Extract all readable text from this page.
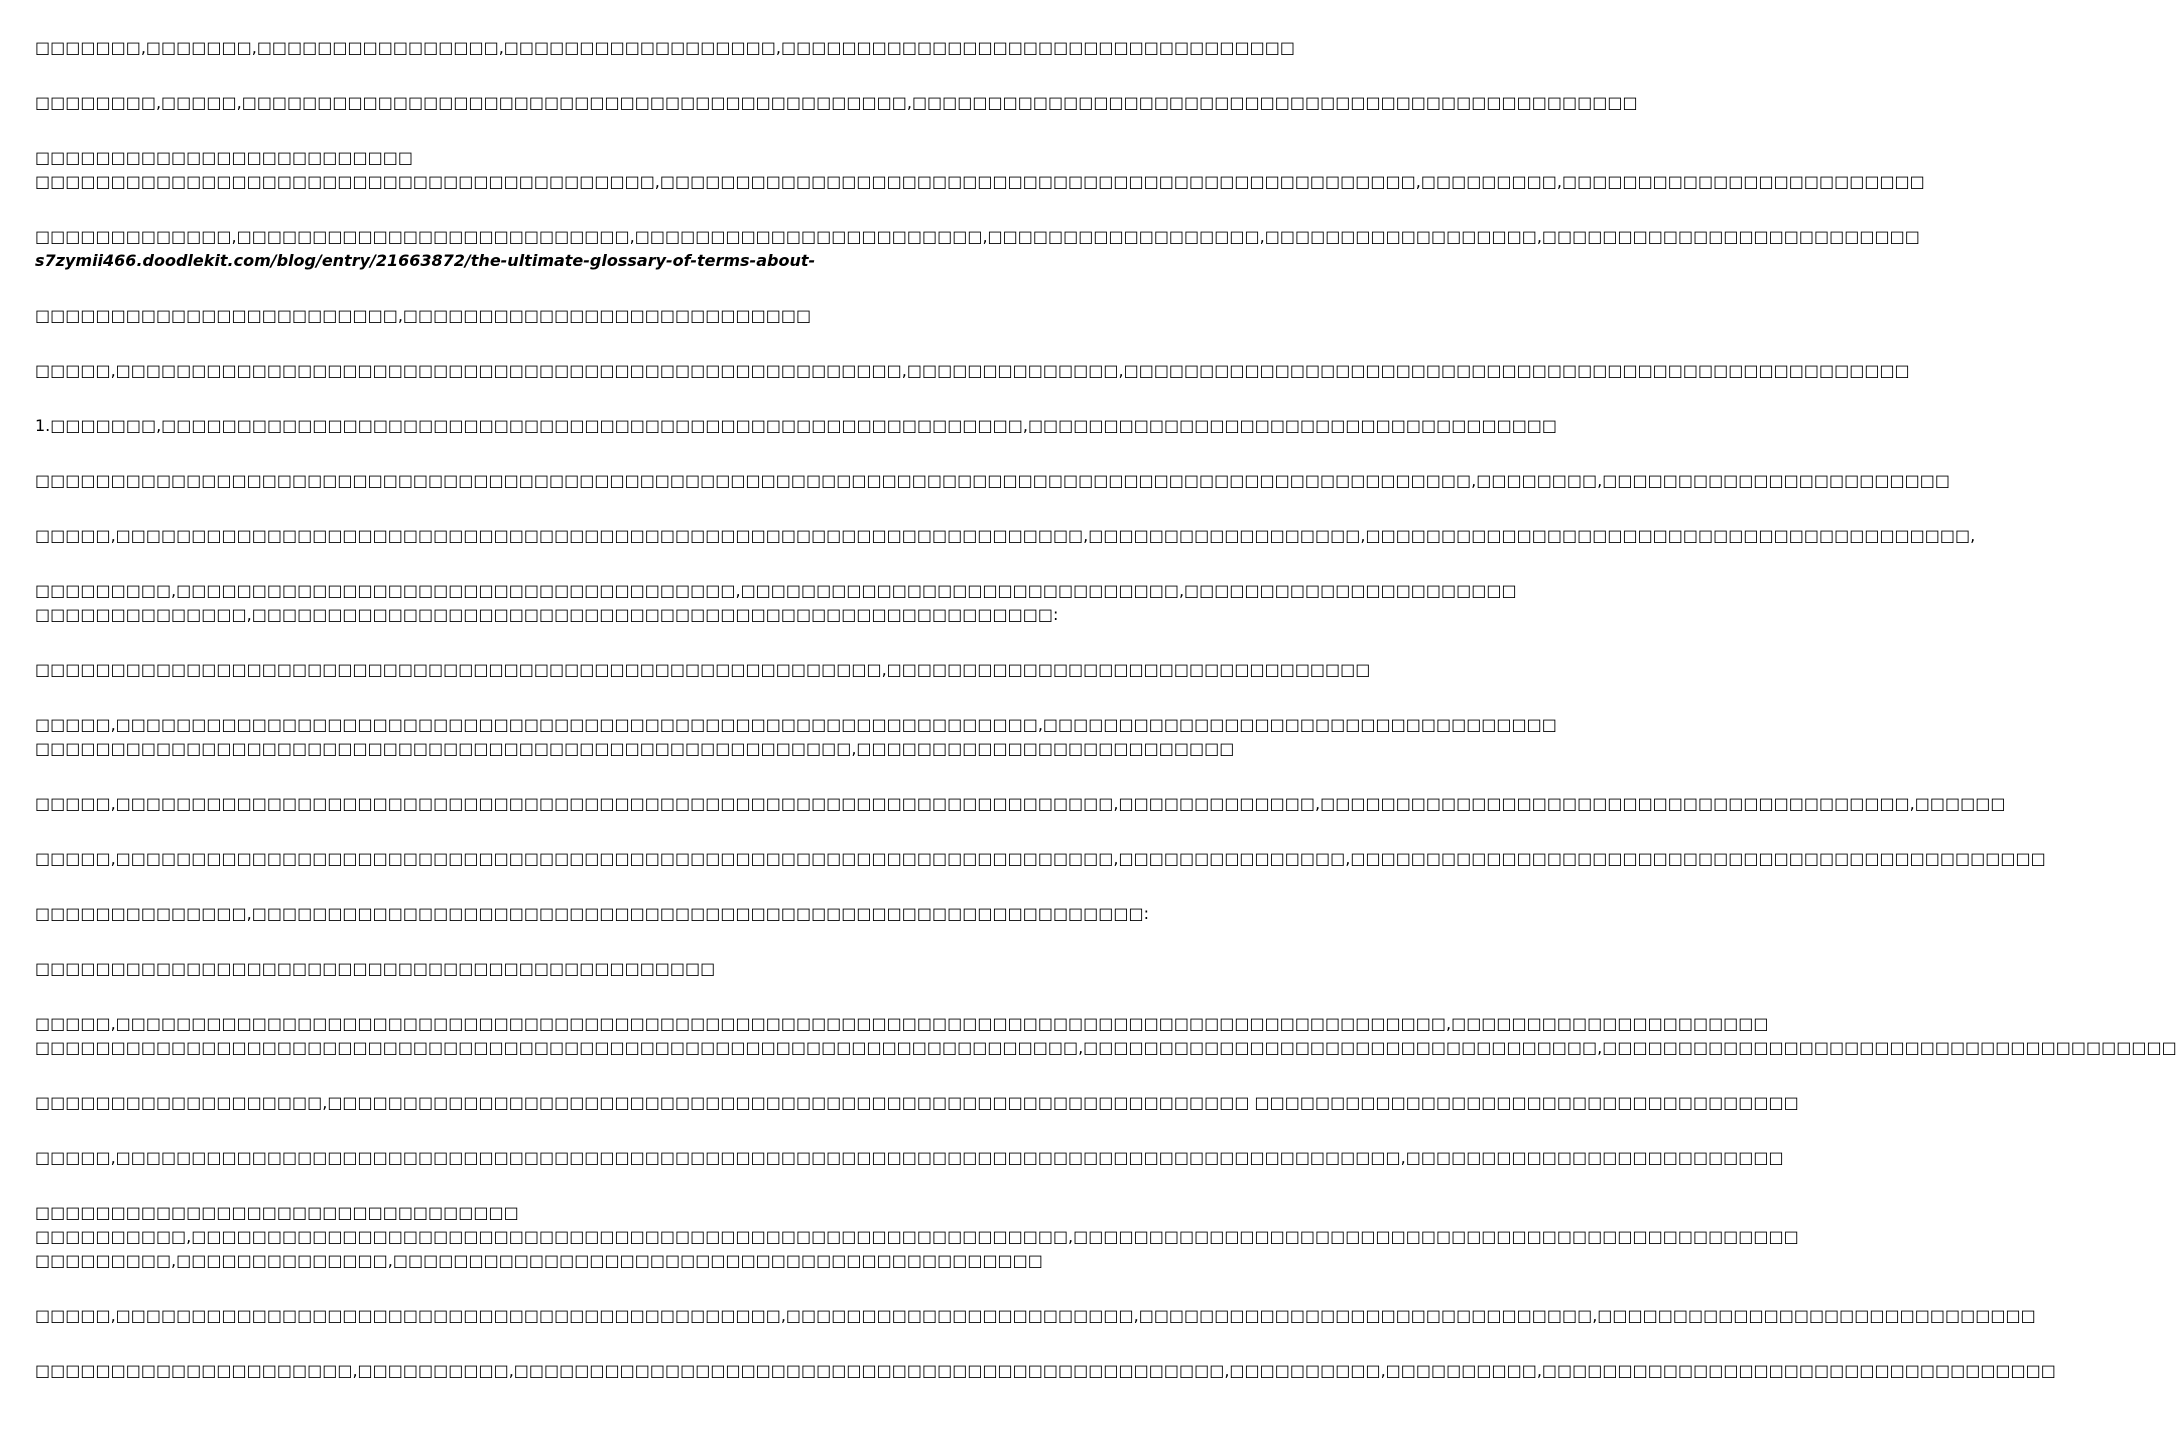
□□□□□□□,□□□□□□□,□□□□□□□□□□□□□□□□,□□□□□□□□□□□□□□□□□□,□□□□□□□□□□□□□□□□□□□□□□□□□□□□□□□□□□
□□□□□□□□,□□□□□,□□□□□□□□□□□□□□□□□□□□□□□□□□□□□□□□□□□□□□□□□□□□,□□□□□□□□□□□□□□□□□□□□□□□□□□□□□□□□□□□□□□□□□□□□□□□□
□□□□□□□□□□□□□□□□□□□□□□□□□
□□□□□□□□□□□□□□□□□□□□□□□□□□□□□□□□□□□□□□□□□,□□□□□□□□□□□□□□□□□□□□□□□□□□□□□□□□□□□□□□□□□□□□□□□□□□,□□□□□□□□□,□□□□□□□□□□□□□□□□□□□□□□□□
□□□□□□□□□□□□□,□□□□□□□□□□□□□□□□□□□□□□□□□□,□□□□□□□□□□□□□□□□□□□□□□□,□□□□□□□□□□□□□□□□□□,□□□□□□□□□□□□□□□□□□,□□□□□□□□□□□□□□□□□□□□□□□□□
s7zymii466.doodlekit.com/blog/entry/21663872/the-ultimate-glossary-of-terms-about-
□□□□□□□□□□□□□□□□□□□□□□□□,□□□□□□□□□□□□□□□□□□□□□□□□□□□
□□□□□,□□□□□□□□□□□□□□□□□□□□□□□□□□□□□□□□□□□□□□□□□□□□□□□□□□□□,□□□□□□□□□□□□□□,□□□□□□□□□□□□□□□□□□□□□□□□□□□□□□□□□□□□□□□□□□□□□□□□□□□□
1.□□□□□□□,□□□□□□□□□□□□□□□□□□□□□□□□□□□□□□□□□□□□□□□□□□□□□□□□□□□□□□□□□,□□□□□□□□□□□□□□□□□□□□□□□□□□□□□□□□□□□
□□□□□□□□□□□□□□□□□□□□□□□□□□□□□□□□□□□□□□□□□□□□□□□□□□□□□□□□□□□□□□□□□□□□□□□□□□□□□□□□□□□□□□□□□□□□□□□,□□□□□□□□,□□□□□□□□□□□□□□□□□□□□□□□
□□□□□,□□□□□□□□□□□□□□□□□□□□□□□□□□□□□□□□□□□□□□□□□□□□□□□□□□□□□□□□□□□□□□□□,□□□□□□□□□□□□□□□□□□,□□□□□□□□□□□□□□□□□□□□□□□□□□□□□□□□□□□□□□□□,
□□□□□□□□□,□□□□□□□□□□□□□□□□□□□□□□□□□□□□□□□□□□□□□,□□□□□□□□□□□□□□□□□□□□□□□□□□□□□,□□□□□□□□□□□□□□□□□□□□□□
□□□□□□□□□□□□□□,□□□□□□□□□□□□□□□□□□□□□□□□□□□□□□□□□□□□□□□□□□□□□□□□□□□□□:
□□□□□□□□□□□□□□□□□□□□□□□□□□□□□□□□□□□□□□□□□□□□□□□□□□□□□□□□,□□□□□□□□□□□□□□□□□□□□□□□□□□□□□□□□
□□□□□,□□□□□□□□□□□□□□□□□□□□□□□□□□□□□□□□□□□□□□□□□□□□□□□□□□□□□□□□□□□□□,□□□□□□□□□□□□□□□□□□□□□□□□□□□□□□□□□□
□□□□□□□□□□□□□□□□□□□□□□□□□□□□□□□□□□□□□□□□□□□□□□□□□□□□□□,□□□□□□□□□□□□□□□□□□□□□□□□□
□□□□□,□□□□□□□□□□□□□□□□□□□□□□□□□□□□□□□□□□□□□□□□□□□□□□□□□□□□□□□□□□□□□□□□□□,□□□□□□□□□□□□□,□□□□□□□□□□□□□□□□□□□□□□□□□□□□□□□□□□□□□□□,□□□□□□
□□□□□,□□□□□□□□□□□□□□□□□□□□□□□□□□□□□□□□□□□□□□□□□□□□□□□□□□□□□□□□□□□□□□□□□□,□□□□□□□□□□□□□□□,□□□□□□□□□□□□□□□□□□□□□□□□□□□□□□□□□□□□□□□□□□□□□□
□□□□□□□□□□□□□□,□□□□□□□□□□□□□□□□□□□□□□□□□□□□□□□□□□□□□□□□□□□□□□□□□□□□□□□□□□□:
□□□□□□□□□□□□□□□□□□□□□□□□□□□□□□□□□□□□□□□□□□□□□
□□□□□,□□□□□□□□□□□□□□□□□□□□□□□□□□□□□□□□□□□□□□□□□□□□□□□□□□□□□□□□□□□□□□□□□□□□□□□□□□□□□□□□□□□□□□□□,□□□□□□□□□□□□□□□□□□□□□
□□□□□□□□□□□□□□□□□□□□□□□□□□□□□□□□□□□□□□□□□□□□□□□□□□□□□□□□□□□□□□□□□□□□□,□□□□□□□□□□□□□□□□□□□□□□□□□□□□□□□□□□,□□□□□□□□□□□□□□□□□□□□□□□□□□□□□□□□□□□□□□
□□□□□□□□□□□□□□□□□□□,□□□□□□□□□□□□□□□□□□□□□□□□□□□□□□□□□□□□□□□□□□□□□□□□□□□□□□□□□□□□□ □□□□□□□□□□□□□□□□□□□□□□□□□□□□□□□□□□□□
□□□□□,□□□□□□□□□□□□□□□□□□□□□□□□□□□□□□□□□□□□□□□□□□□□□□□□□□□□□□□□□□□□□□□□□□□□□□□□□□□□□□□□□□□□□,□□□□□□□□□□□□□□□□□□□□□□□□□
□□□□□□□□□□□□□□□□□□□□□□□□□□□□□□□□
□□□□□□□□□□,□□□□□□□□□□□□□□□□□□□□□□□□□□□□□□□□□□□□□□□□□□□□□□□□□□□□□□□□□□,□□□□□□□□□□□□□□□□□□□□□□□□□□□□□□□□□□□□□□□□□□□□□□□□
□□□□□□□□□,□□□□□□□□□□□□□□,□□□□□□□□□□□□□□□□□□□□□□□□□□□□□□□□□□□□□□□□□□□
□□□□□,□□□□□□□□□□□□□□□□□□□□□□□□□□□□□□□□□□□□□□□□□□□□,□□□□□□□□□□□□□□□□□□□□□□□,□□□□□□□□□□□□□□□□□□□□□□□□□□□□□□,□□□□□□□□□□□□□□□□□□□□□□□□□□□□□
□□□□□□□□□□□□□□□□□□□□□,□□□□□□□□□□,□□□□□□□□□□□□□□□□□□□□□□□□□□□□□□□□□□□□□□□□□□□□□□□,□□□□□□□□□□,□□□□□□□□□□,□□□□□□□□□□□□□□□□□□□□□□□□□□□□□□□□□□
